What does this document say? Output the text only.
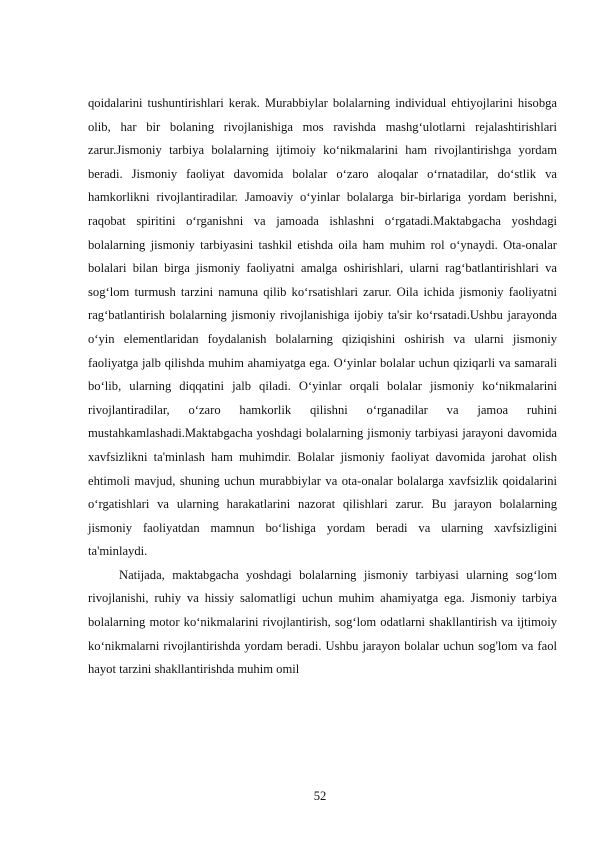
qoidalarini tushuntirishlari kerak. Murabbiylar bolalarning individual ehtiyojlarini hisobga olib, har bir bolaning rivojlanishiga mos ravishda mashg‘ulotlarni rejalashtirishlari zarur.Jismoniy tarbiya bolalarning ijtimoiy ko‘nikmalarini ham rivojlantirishga yordam beradi. Jismoniy faoliyat davomida bolalar o‘zaro aloqalar o‘rnatadilar, do‘stlik va hamkorlikni rivojlantiradilar. Jamoaviy o‘yinlar bolalarga bir-birlariga yordam berishni, raqobat spiritini o‘rganishni va jamoada ishlashni o‘rgatadi.Maktabgacha yoshdagi bolalarning jismoniy tarbiyasini tashkil etishda oila ham muhim rol o‘ynaydi. Ota-onalar bolalari bilan birga jismoniy faoliyatni amalga oshirishlari, ularni rag‘batlantirishlari va sog‘lom turmush tarzini namuna qilib ko‘rsatishlari zarur. Oila ichida jismoniy faoliyatni rag‘batlantirish bolalarning jismoniy rivojlanishiga ijobiy ta'sir ko‘rsatadi.Ushbu jarayonda o‘yin elementlaridan foydalanish bolalarning qiziqishini oshirish va ularni jismoniy faoliyatga jalb qilishda muhim ahamiyatga ega. O‘yinlar bolalar uchun qiziqarli va samarali bo‘lib, ularning diqqatini jalb qiladi. O‘yinlar orqali bolalar jismoniy ko‘nikmalarini rivojlantiradilar, o‘zaro hamkorlik qilishni o‘rganadilar va jamoa ruhini mustahkamlashadi.Maktabgacha yoshdagi bolalarning jismoniy tarbiyasi jarayoni davomida xavfsizlikni ta'minlash ham muhimdir. Bolalar jismoniy faoliyat davomida jarohat olish ehtimoli mavjud, shuning uchun murabbiylar va ota-onalar bolalarga xavfsizlik qoidalarini o‘rgatishlari va ularning harakatlarini nazorat qilishlari zarur. Bu jarayon bolalarning jismoniy faoliyatdan mamnun bo‘lishiga yordam beradi va ularning xavfsizligini ta'minlaydi.

Natijada, maktabgacha yoshdagi bolalarning jismoniy tarbiyasi ularning sog‘lom rivojlanishi, ruhiy va hissiy salomatligi uchun muhim ahamiyatga ega. Jismoniy tarbiya bolalarning motor ko‘nikmalarini rivojlantirish, sog‘lom odatlarni shakllantirish va ijtimoiy ko‘nikmalarni rivojlantirishda yordam beradi. Ushbu jarayon bolalar uchun sog'lom va faol hayot tarzini shakllantirishda muhim omil

52
